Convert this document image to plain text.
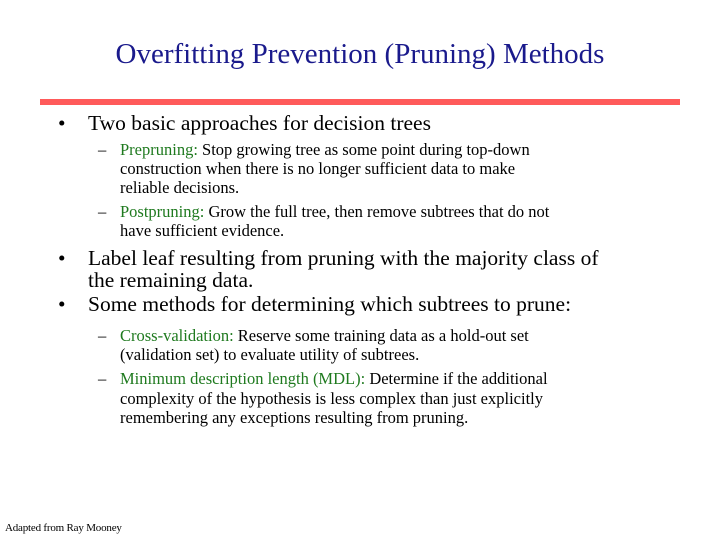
Overfitting Prevention (Pruning) Methods
• Two basic approaches for decision trees
– Prepruning: Stop growing tree as some point during top-down
construction when there is no longer sufficient data to make
reliable decisions.
– Postpruning: Grow the full tree, then remove subtrees that do not
have sufficient evidence.
• Label leaf resulting from pruning with the majority class of
the remaining data.
• Some methods for determining which subtrees to prune:
– Cross-validation: Reserve some training data as a hold-out set
(validation set) to evaluate utility of subtrees.
– Minimum description length (MDL): Determine if the additional
complexity of the hypothesis is less complex than just explicitly
remembering any exceptions resulting from pruning.
Adapted from Ray Mooney
